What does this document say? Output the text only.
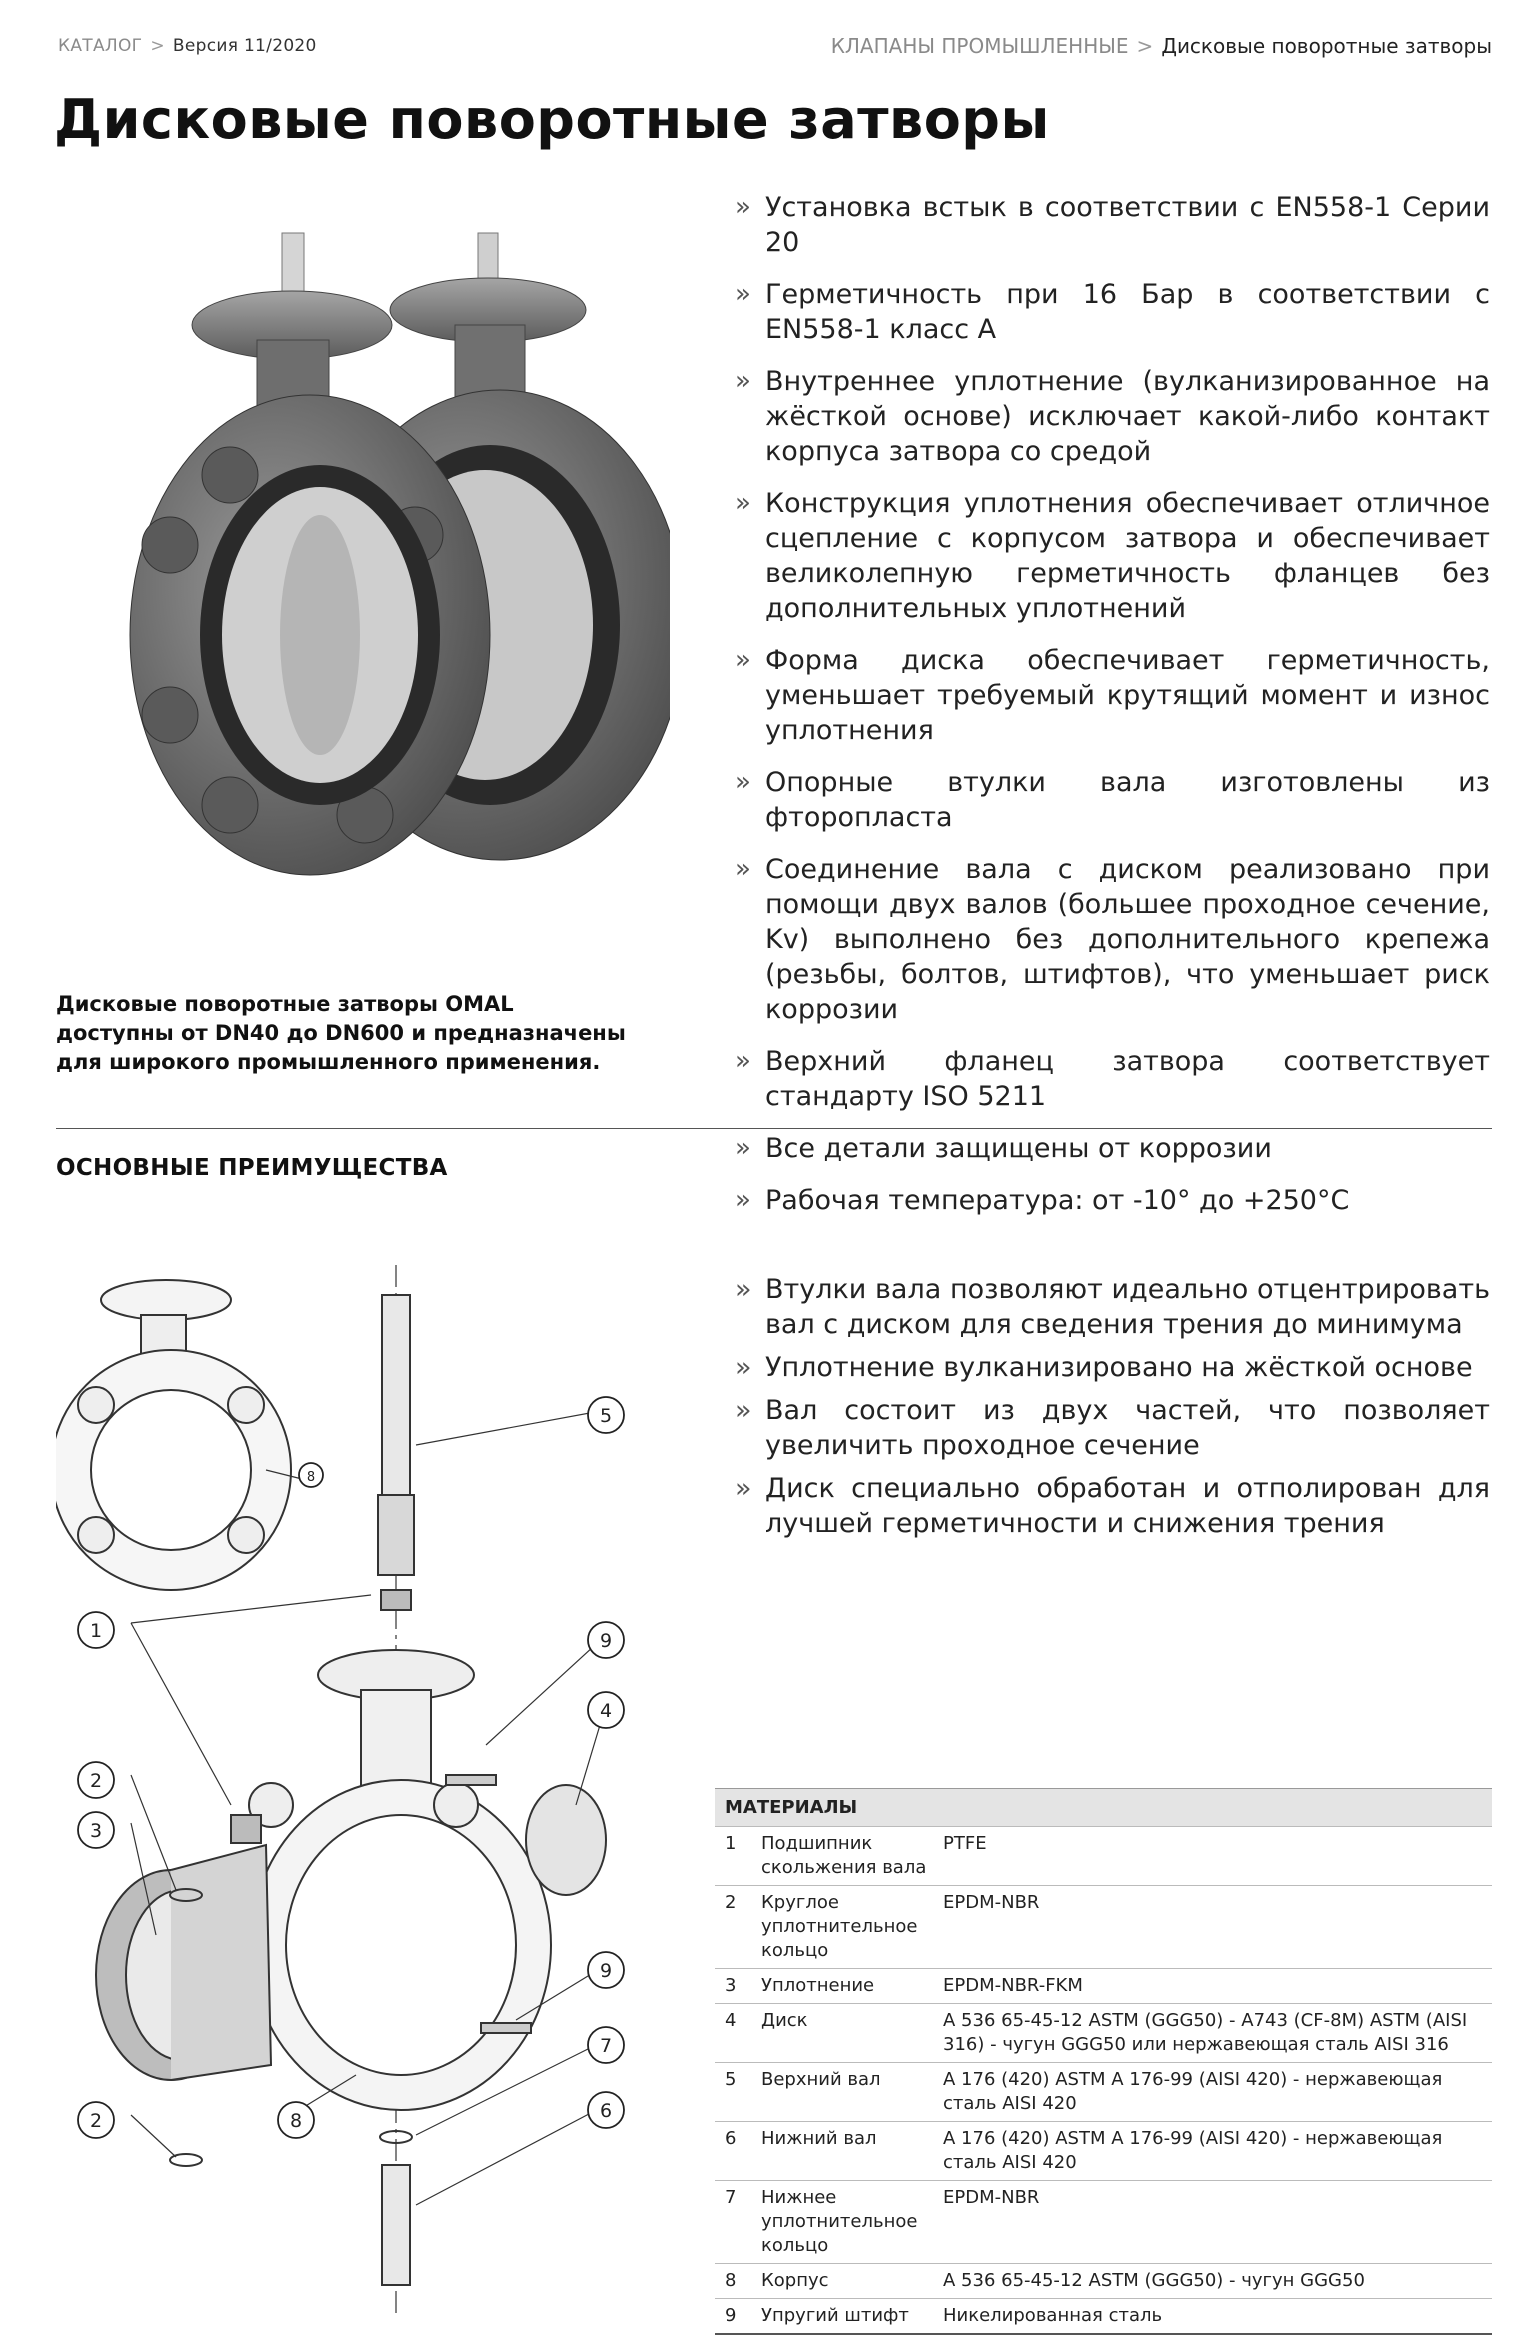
КАТАЛОГ > Версия 11/2020	КЛАПАНЫ ПРОМЫШЛЕННЫЕ > Дисковые поворотные затворы
Дисковые поворотные затворы
» Установка встык в соответствии с EN558-1 Серии 20
» Герметичность при 16 Бар в соответствии с EN558-1 класс А
» Внутреннее уплотнение (вулканизированное на жёсткой основе) исключает какой-либо контакт корпуса затвора со средой
» Конструкция уплотнения обеспечивает отличное сцепление с корпусом затвора и обеспечивает великолепную герметичность фланцев без дополнительных уплотнений
» Форма диска обеспечивает герметичность, уменьшает требуемый крутящий момент и износ уплотнения
» Опорные втулки вала изготовлены из фторопласта
» Соединение вала с диском реализовано при помощи двух валов (большее проходное сечение, Kv) выполнено без дополнительного крепежа (резьбы, болтов, штифтов), что уменьшает риск коррозии
» Верхний фланец затвора соответствует стандарту ISO 5211
» Все детали защищены от коррозии
» Рабочая температура: от -10° до +250°С
Дисковые поворотные затворы OMAL доступны от DN40 до DN600 и предназначены для широкого промышленного применения.
ОСНОВНЫЕ ПРЕИМУЩЕСТВА
1
2
3
2
4
5
6
7
8
9
9
8
» Втулки вала позволяют идеально отцентрировать вал с диском для сведения трения до минимума
» Уплотнение вулканизировано на жёсткой основе
» Вал состоит из двух частей, что позволяет увеличить проходное сечение
» Диск специально обработан и отполирован для лучшей герметичности и снижения трения
МАТЕРИАЛЫ		
1	Подшипник скольжения вала	PTFE
2	Круглое уплотнительное кольцо	EPDM-NBR
3	Уплотнение	EPDM-NBR-FKM
4	Диск	A 536 65-45-12 ASTM (GGG50) - A743 (CF-8M) ASTM (AISI 316) - чугун GGG50 или нержавеющая сталь AISI 316
5	Верхний вал	A 176 (420) ASTM A 176-99 (AISI 420) - нержавеющая сталь AISI 420
6	Нижний вал	A 176 (420) ASTM A 176-99 (AISI 420) - нержавеющая сталь AISI 420
7	Нижнее уплотнительное кольцо	EPDM-NBR
8	Корпус	A 536 65-45-12 ASTM (GGG50) - чугун GGG50
9	Упругий штифт	Никелированная сталь
